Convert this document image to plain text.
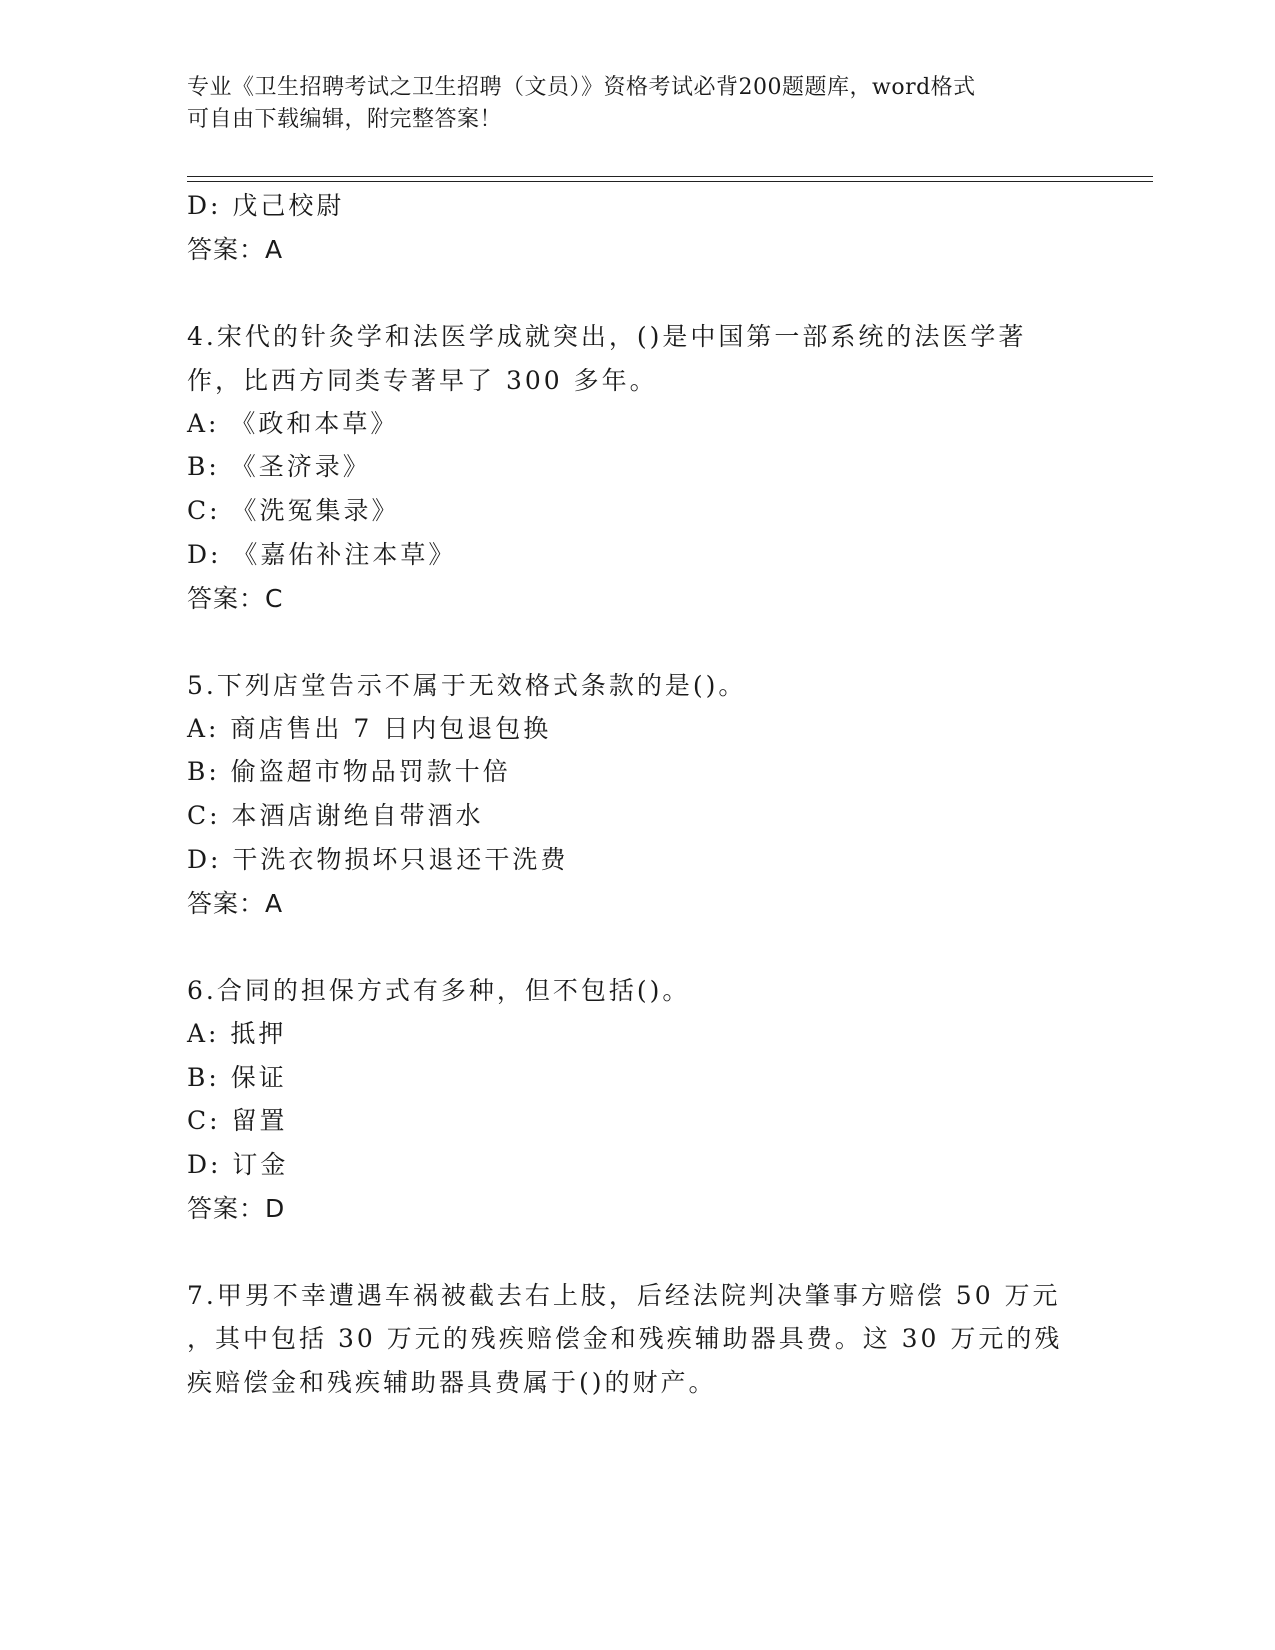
专业《卫生招聘考试之卫生招聘（文员）》资格考试必背200题题库，word格式

可自由下载编辑，附完整答案！

D: 戊己校尉
答案：A
4.宋代的针灸学和法医学成就突出，()是中国第一部系统的法医学著
作，比西方同类专著早了 300 多年。
A: 《政和本草》
B: 《圣济录》
C: 《洗冤集录》
D: 《嘉佑补注本草》
答案：C
5.下列店堂告示不属于无效格式条款的是()。
A: 商店售出 7 日内包退包换
B: 偷盗超市物品罚款十倍
C: 本酒店谢绝自带酒水
D: 干洗衣物损坏只退还干洗费
答案：A
6.合同的担保方式有多种，但不包括()。
A: 抵押
B: 保证
C: 留置
D: 订金
答案：D
7.甲男不幸遭遇车祸被截去右上肢，后经法院判决肇事方赔偿 50 万元
，其中包括 30 万元的残疾赔偿金和残疾辅助器具费。这 30 万元的残
疾赔偿金和残疾辅助器具费属于()的财产。
